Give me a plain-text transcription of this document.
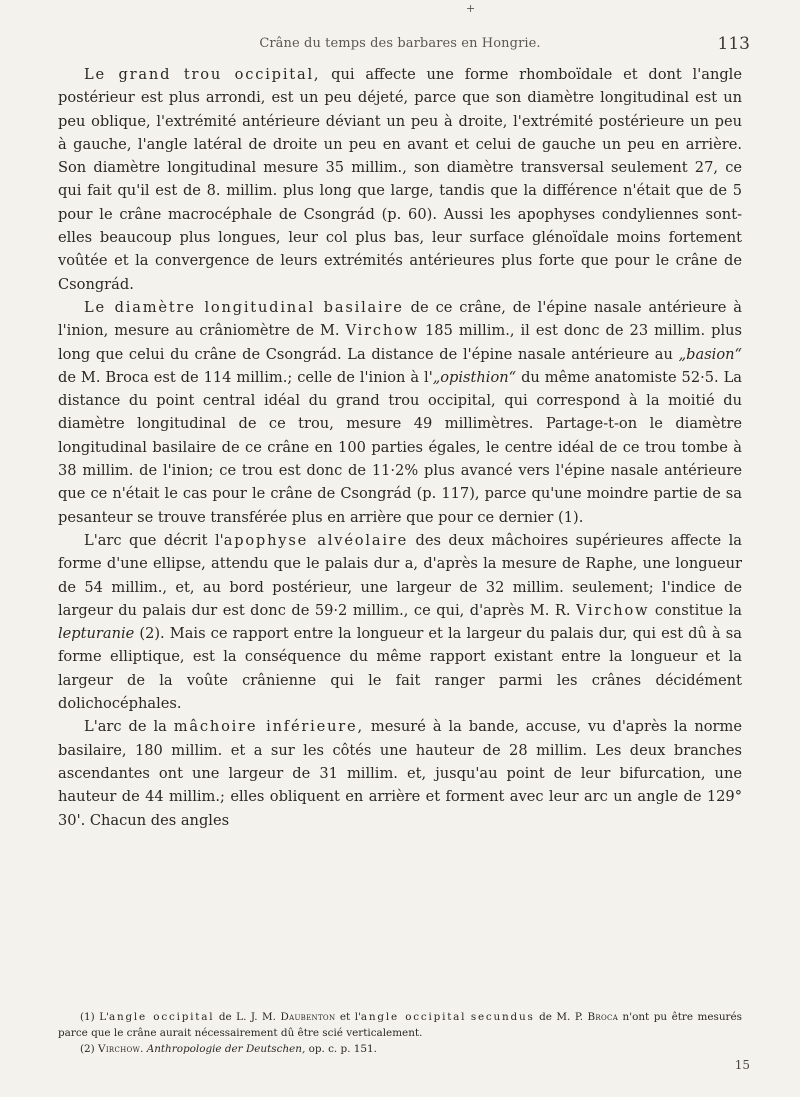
+
Crâne du temps des barbares en Hongrie.	113

Le grand trou occipital, qui affecte une forme rhomboïdale et dont l'angle postérieur est plus arrondi, est un peu déjeté, parce que son diamètre longitudinal est un peu oblique, l'extrémité antérieure déviant un peu à droite, l'extrémité postérieure un peu à gauche, l'angle latéral de droite un peu en avant et celui de gauche un peu en arrière. Son diamètre longitudinal mesure 35 millim., son diamètre transversal seulement 27, ce qui fait qu'il est de 8. millim. plus long que large, tandis que la différence n'était que de 5 pour le crâne macrocéphale de Csongrád (p. 60). Aussi les apophyses condyliennes sont-elles beaucoup plus longues, leur col plus bas, leur surface glénoïdale moins fortement voûtée et la convergence de leurs extrémités antérieures plus forte que pour le crâne de Csongrád.

Le diamètre longitudinal basilaire de ce crâne, de l'épine nasale antérieure à l'inion, mesure au crâniomètre de M. Virchow 185 millim., il est donc de 23 millim. plus long que celui du crâne de Csongrád. La distance de l'épine nasale antérieure au „basion“ de M. Broca est de 114 millim.; celle de l'inion à l'„opisthion“ du même anatomiste 52·5. La distance du point central idéal du grand trou occipital, qui correspond à la moitié du diamètre longitudinal de ce trou, mesure 49 millimètres. Partage-t-on le diamètre longitudinal basilaire de ce crâne en 100 parties égales, le centre idéal de ce trou tombe à 38 millim. de l'inion; ce trou est donc de 11·2% plus avancé vers l'épine nasale antérieure que ce n'était le cas pour le crâne de Csongrád (p. 117), parce qu'une moindre partie de sa pesanteur se trouve transférée plus en arrière que pour ce dernier (1).

L'arc que décrit l'apophyse alvéolaire des deux mâchoires supérieures affecte la forme d'une ellipse, attendu que le palais dur a, d'après la mesure de Raphe, une longueur de 54 millim., et, au bord postérieur, une largeur de 32 millim. seulement; l'indice de largeur du palais dur est donc de 59·2 millim., ce qui, d'après M. R. Virchow constitue la lepturanie (2). Mais ce rapport entre la longueur et la largeur du palais dur, qui est dû à sa forme elliptique, est la conséquence du même rapport existant entre la longueur et la largeur de la voûte crânienne qui le fait ranger parmi les crânes décidément dolichocéphales.

L'arc de la mâchoire inférieure, mesuré à la bande, accuse, vu d'après la norme basilaire, 180 millim. et a sur les côtés une hauteur de 28 millim. Les deux branches ascendantes ont une largeur de 31 millim. et, jusqu'au point de leur bifurcation, une hauteur de 44 millim.; elles obliquent en arrière et forment avec leur arc un angle de 129° 30'. Chacun des angles

(1) L'angle occipital de L. J. M. Daubenton et l'angle occipital secundus de M. P. Broca n'ont pu être mesurés parce que le crâne aurait nécessairement dû être scié verticalement.

(2) Virchow. Anthropologie der Deutschen, op. c. p. 151.

15
